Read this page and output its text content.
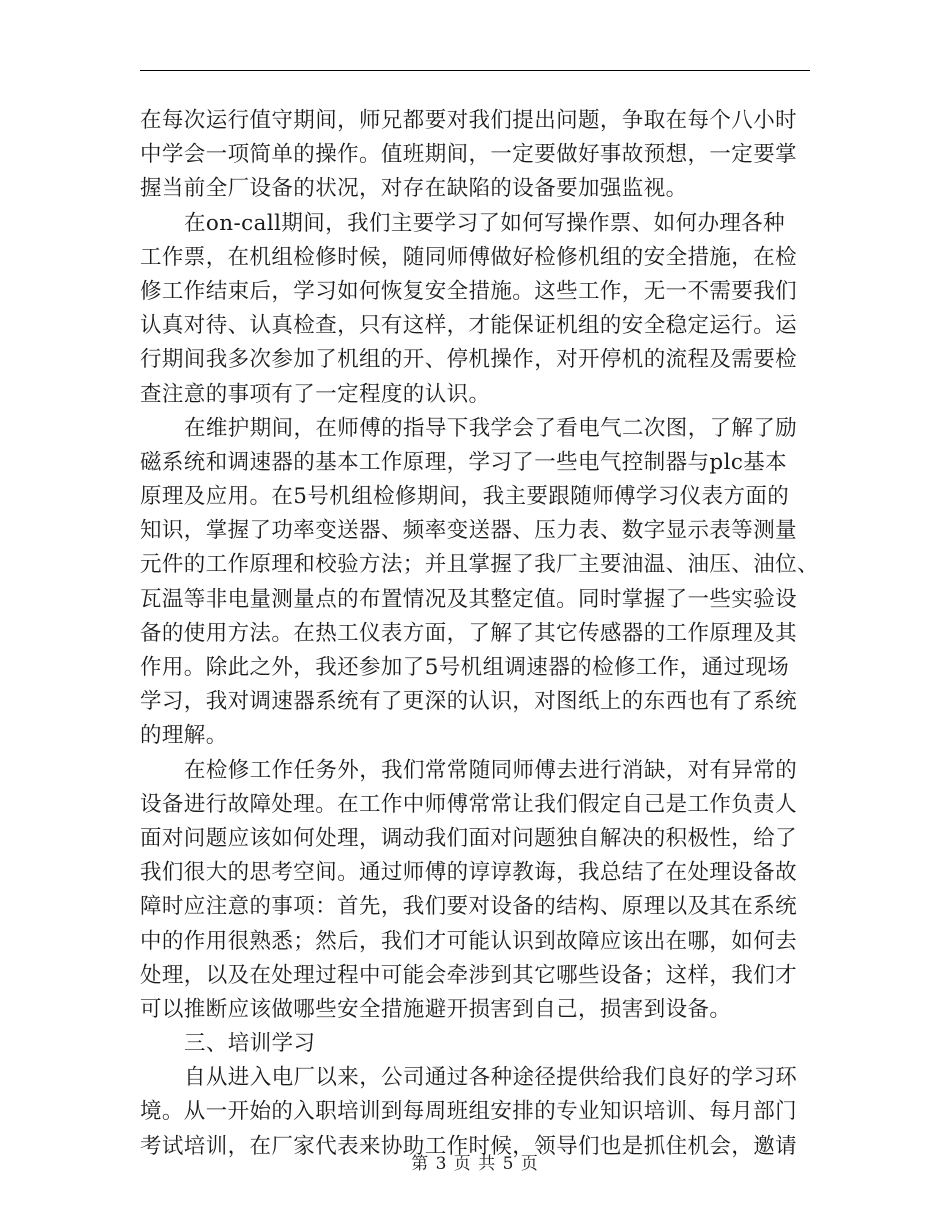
在每次运行值守期间，师兄都要对我们提出问题，争取在每个八小时
中学会一项简单的操作。值班期间，一定要做好事故预想，一定要掌
握当前全厂设备的状况，对存在缺陷的设备要加强监视。
在on-call期间，我们主要学习了如何写操作票、如何办理各种
工作票，在机组检修时候，随同师傅做好检修机组的安全措施，在检
修工作结束后，学习如何恢复安全措施。这些工作，无一不需要我们
认真对待、认真检查，只有这样，才能保证机组的安全稳定运行。运
行期间我多次参加了机组的开、停机操作，对开停机的流程及需要检
查注意的事项有了一定程度的认识。
在维护期间，在师傅的指导下我学会了看电气二次图，了解了励
磁系统和调速器的基本工作原理，学习了一些电气控制器与plc基本
原理及应用。在5号机组检修期间，我主要跟随师傅学习仪表方面的
知识，掌握了功率变送器、频率变送器、压力表、数字显示表等测量
元件的工作原理和校验方法；并且掌握了我厂主要油温、油压、油位、
瓦温等非电量测量点的布置情况及其整定值。同时掌握了一些实验设
备的使用方法。在热工仪表方面，了解了其它传感器的工作原理及其
作用。除此之外，我还参加了5号机组调速器的检修工作，通过现场
学习，我对调速器系统有了更深的认识，对图纸上的东西也有了系统
的理解。
在检修工作任务外，我们常常随同师傅去进行消缺，对有异常的
设备进行故障处理。在工作中师傅常常让我们假定自己是工作负责人
面对问题应该如何处理，调动我们面对问题独自解决的积极性，给了
我们很大的思考空间。通过师傅的谆谆教诲，我总结了在处理设备故
障时应注意的事项：首先，我们要对设备的结构、原理以及其在系统
中的作用很熟悉；然后，我们才可能认识到故障应该出在哪，如何去
处理，以及在处理过程中可能会牵涉到其它哪些设备；这样，我们才
可以推断应该做哪些安全措施避开损害到自己，损害到设备。
三、培训学习
自从进入电厂以来，公司通过各种途径提供给我们良好的学习环
境。从一开始的入职培训到每周班组安排的专业知识培训、每月部门
考试培训，在厂家代表来协助工作时候，领导们也是抓住机会，邀请
第 3 页 共 5 页
